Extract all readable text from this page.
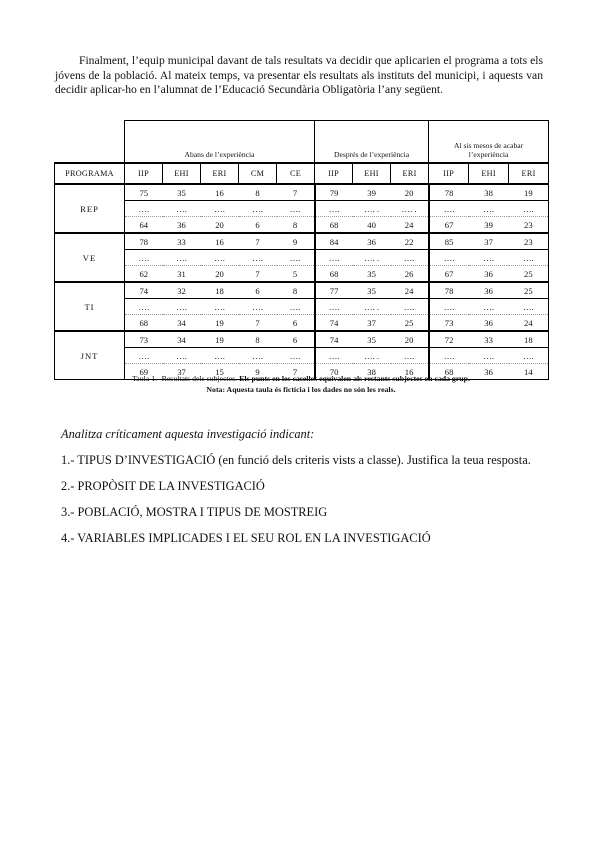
Finalment, l’equip municipal davant de tals resultats va decidir que aplicarien el programa a tots els jóvens de la població. Al mateix temps, va presentar els resultats als instituts del municipi, i aquests van decidir aplicar-ho en l’alumnat de l’Educació Secundària Obligatòria l’any següent.

	Abans de l’experiència					Després de l’experiència			Al sis mesos de acabar
l’experiència		
PROGRAMA	IIP	EHI	ERI	CM	CE	IIP	EHI	ERI	IIP	EHI	ERI
REP	75	35	16	8	7	79	39	20	78	38	19
	….	….	….	….	….	….	…. .	…. .	….	….	….
	64	36	20	6	8	68	40	24	67	39	23
VE	78	33	16	7	9	84	36	22	85	37	23
	….	….	….	….	….	….	…. .	….	….	….	….
	62	31	20	7	5	68	35	26	67	36	25
TI	74	32	18	6	8	77	35	24	78	36	25
	….	….	….	….	….	….	…. .	….	….	….	….
	68	34	19	7	6	74	37	25	73	36	24
JNT	73	34	19	8	6	74	35	20	72	33	18
	….	….	….	….	….	….	…. .	….	….	….	….
	69	37	15	9	7	70	38	16	68	36	14
Taula 1.- Resultats dels subjectes. Els punts en les caselles equivalen als restants subjectes en cada grup.
Nota: Aquesta taula és fictícia i los dades no són les reals.
Analitza críticament aquesta investigació indicant:
1.- TIPUS D’INVESTIGACIÓ (en funció dels criteris vists a classe). Justifica la teua resposta.
2.- PROPÒSIT DE LA INVESTIGACIÓ
3.- POBLACIÓ, MOSTRA I TIPUS DE MOSTREIG
4.- VARIABLES IMPLICADES I EL SEU ROL EN LA INVESTIGACIÓ
